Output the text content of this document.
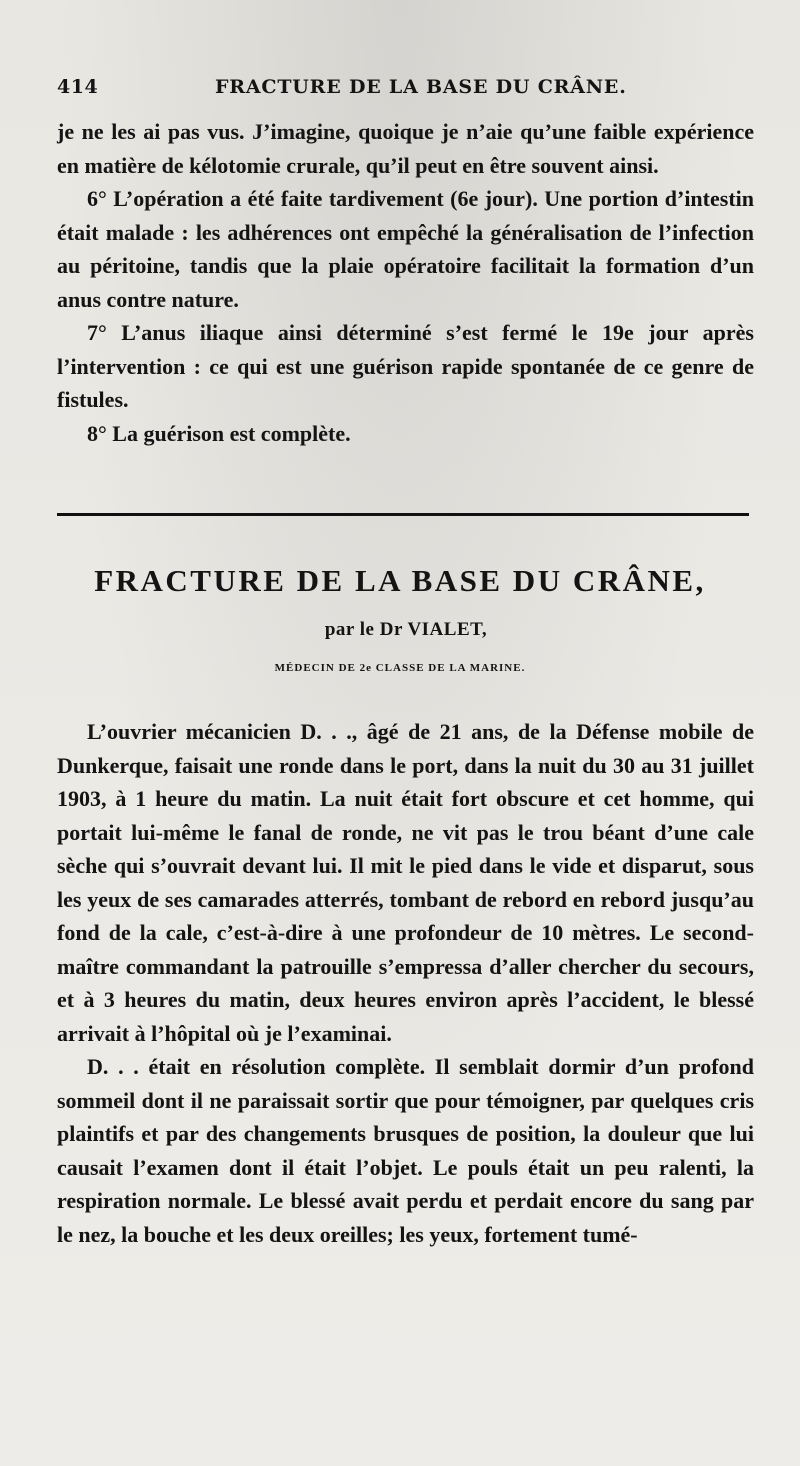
414	FRACTURE DE LA BASE DU CRÂNE.

je ne les ai pas vus. J’imagine, quoique je n’aie qu’une faible expérience en matière de kélotomie crurale, qu’il peut en être souvent ainsi.

6° L’opération a été faite tardivement (6e jour). Une portion d’intestin était malade : les adhérences ont empêché la généralisation de l’infection au péritoine, tandis que la plaie opératoire facilitait la formation d’un anus contre nature.

7° L’anus iliaque ainsi déterminé s’est fermé le 19e jour après l’intervention : ce qui est une guérison rapide spontanée de ce genre de fistules.

8° La guérison est complète.

FRACTURE DE LA BASE DU CRÂNE,
par le Dr VIALET,
MÉDECIN DE 2e CLASSE DE LA MARINE.

L’ouvrier mécanicien D. . ., âgé de 21 ans, de la Défense mobile de Dunkerque, faisait une ronde dans le port, dans la nuit du 30 au 31 juillet 1903, à 1 heure du matin. La nuit était fort obscure et cet homme, qui portait lui-même le fanal de ronde, ne vit pas le trou béant d’une cale sèche qui s’ouvrait devant lui. Il mit le pied dans le vide et disparut, sous les yeux de ses camarades atterrés, tombant de rebord en rebord jusqu’au fond de la cale, c’est-à-dire à une profondeur de 10 mètres. Le second-maître commandant la patrouille s’empressa d’aller chercher du secours, et à 3 heures du matin, deux heures environ après l’accident, le blessé arrivait à l’hôpital où je l’examinai.

D. . . était en résolution complète. Il semblait dormir d’un profond sommeil dont il ne paraissait sortir que pour témoigner, par quelques cris plaintifs et par des changements brusques de position, la douleur que lui causait l’examen dont il était l’objet. Le pouls était un peu ralenti, la respiration normale. Le blessé avait perdu et perdait encore du sang par le nez, la bouche et les deux oreilles; les yeux, fortement tumé-
